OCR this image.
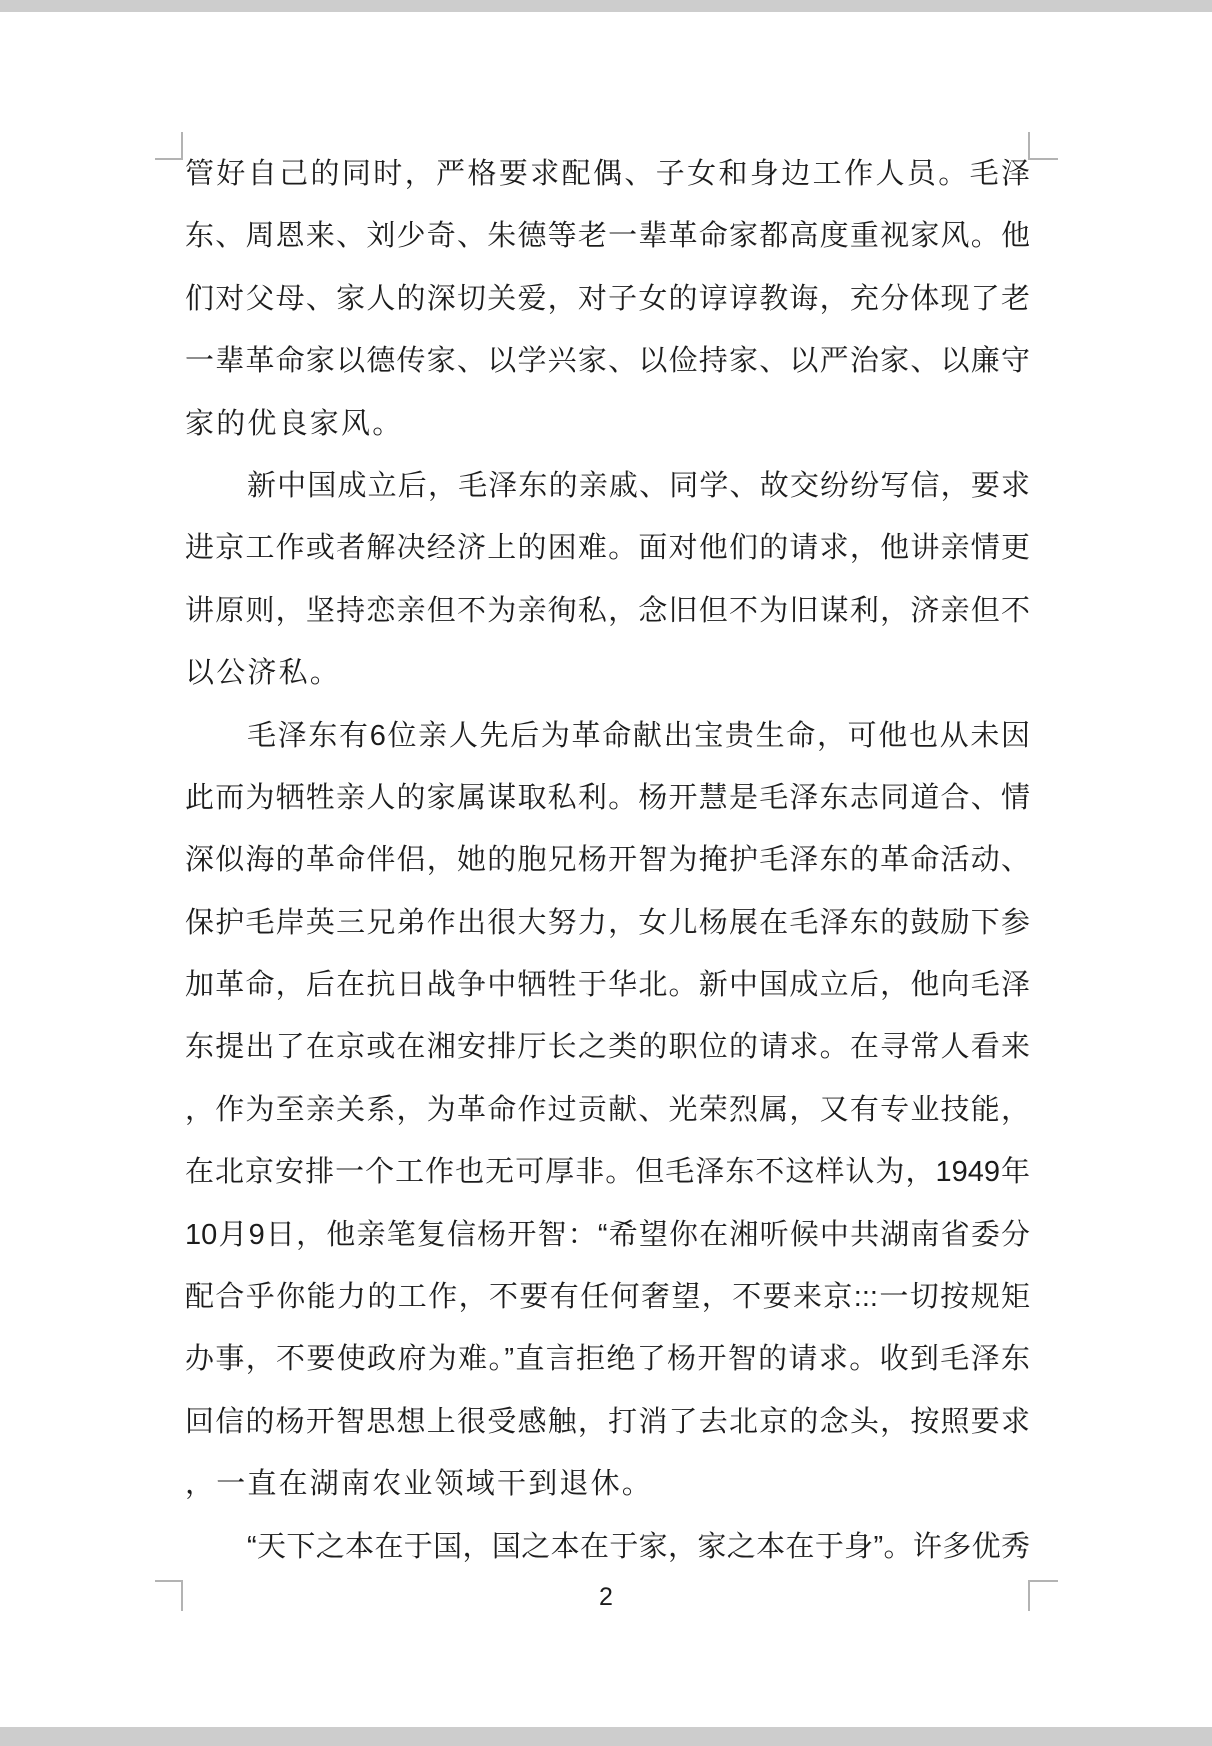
管好自己的同时，严格要求配偶、子女和身边工作人员。毛泽
东、周恩来、刘少奇、朱德等老一辈革命家都高度重视家风。他
们对父母、家人的深切关爱，对子女的谆谆教诲，充分体现了老
一辈革命家以德传家、以学兴家、以俭持家、以严治家、以廉守
家的优良家风。
新中国成立后，毛泽东的亲戚、同学、故交纷纷写信，要求
进京工作或者解决经济上的困难。面对他们的请求，他讲亲情更
讲原则，坚持恋亲但不为亲徇私，念旧但不为旧谋利，济亲但不
以公济私。
毛泽东有6位亲人先后为革命献出宝贵生命，可他也从未因
此而为牺牲亲人的家属谋取私利。杨开慧是毛泽东志同道合、情
深似海的革命伴侣，她的胞兄杨开智为掩护毛泽东的革命活动、
保护毛岸英三兄弟作出很大努力，女儿杨展在毛泽东的鼓励下参
加革命，后在抗日战争中牺牲于华北。新中国成立后，他向毛泽
东提出了在京或在湘安排厅长之类的职位的请求。在寻常人看来
，作为至亲关系，为革命作过贡献、光荣烈属，又有专业技能，
在北京安排一个工作也无可厚非。但毛泽东不这样认为，1949年
10月9日，他亲笔复信杨开智：“希望你在湘听候中共湖南省委分
配合乎你能力的工作，不要有任何奢望，不要来京:::一切按规矩
办事，不要使政府为难。”直言拒绝了杨开智的请求。收到毛泽东
回信的杨开智思想上很受感触，打消了去北京的念头，按照要求
，一直在湖南农业领域干到退休。
“天下之本在于国，国之本在于家，家之本在于身”。许多优秀
2
